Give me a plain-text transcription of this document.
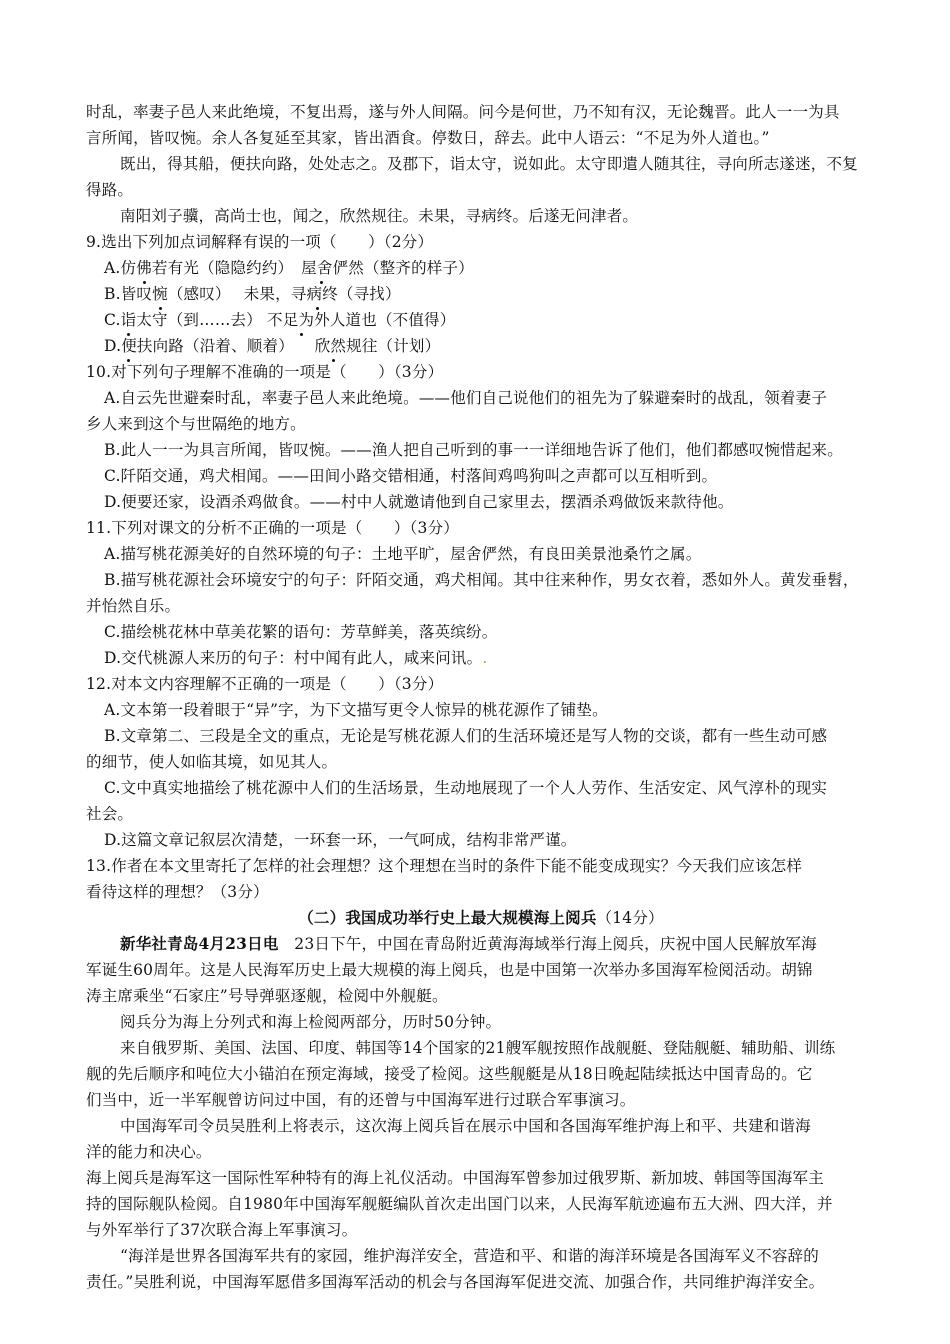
时乱，率妻子邑人来此绝境，不复出焉，遂与外人间隔。问今是何世，乃不知有汉，无论魏晋。此人一一为具
言所闻，皆叹惋。余人各复延至其家，皆出酒食。停数日，辞去。此中人语云：“不足为外人道也。”
既出，得其船，便扶向路，处处志之。及郡下，诣太守，说如此。太守即遣人随其往，寻向所志遂迷，不复
得路。
南阳刘子骥，高尚士也，闻之，欣然规往。未果，寻病终。后遂无问津者。
9.选出下列加点词解释有误的一项（　　）（2分）
A.仿佛若有光（隐隐约约）　屋舍俨然（整齐的样子）
B.皆叹惋（感叹）　 未果，寻病终（寻找）
C.诣太守（到……去） 不足为外人道也（不值得）
D.便扶向路（沿着、顺着） 　欣然规往（计划）
10.对下列句子理解不准确的一项是（　　）（3分）
A.自云先世避秦时乱，率妻子邑人来此绝境。——他们自己说他们的祖先为了躲避秦时的战乱，领着妻子
乡人来到这个与世隔绝的地方。
B.此人一一为具言所闻，皆叹惋。——渔人把自己听到的事一一详细地告诉了他们，他们都感叹惋惜起来。
C.阡陌交通，鸡犬相闻。——田间小路交错相通，村落间鸡鸣狗叫之声都可以互相听到。
D.便要还家，设酒杀鸡做食。——村中人就邀请他到自己家里去，摆酒杀鸡做饭来款待他。
11.下列对课文的分析不正确的一项是（　　）（3分）
A.描写桃花源美好的自然环境的句子：土地平旷，屋舍俨然，有良田美景池桑竹之属。
B.描写桃花源社会环境安宁的句子：阡陌交通，鸡犬相闻。其中往来种作，男女衣着，悉如外人。黄发垂髫，
并怡然自乐。
C.描绘桃花林中草美花繁的语句：芳草鲜美，落英缤纷。
D.交代桃源人来历的句子：村中闻有此人，咸来问讯。.
12.对本文内容理解不正确的一项是（　　）（3分）
A.文本第一段着眼于“异”字，为下文描写更令人惊异的桃花源作了铺垫。
B.文章第二、三段是全文的重点，无论是写桃花源人们的生活环境还是写人物的交谈，都有一些生动可感
的细节，使人如临其境，如见其人。
C.文中真实地描绘了桃花源中人们的生活场景，生动地展现了一个人人劳作、生活安定、风气淳朴的现实
社会。
D.这篇文章记叙层次清楚，一环套一环，一气呵成，结构非常严谨。
13.作者在本文里寄托了怎样的社会理想？这个理想在当时的条件下能不能变成现实？今天我们应该怎样
看待这样的理想？（3分）
（二）我国成功举行史上最大规模海上阅兵（14分）
新华社青岛4月23日电　23日下午，中国在青岛附近黄海海域举行海上阅兵，庆祝中国人民解放军海
军诞生60周年。这是人民海军历史上最大规模的海上阅兵，也是中国第一次举办多国海军检阅活动。胡锦
涛主席乘坐“石家庄”号导弹驱逐舰，检阅中外舰艇。
阅兵分为海上分列式和海上检阅两部分，历时50分钟。
来自俄罗斯、美国、法国、印度、韩国等14个国家的21艘军舰按照作战舰艇、登陆舰艇、辅助船、训练
舰的先后顺序和吨位大小锚泊在预定海域，接受了检阅。这些舰艇是从18日晚起陆续抵达中国青岛的。它
们当中，近一半军舰曾访问过中国，有的还曾与中国海军进行过联合军事演习。
中国海军司令员吴胜利上将表示，这次海上阅兵旨在展示中国和各国海军维护海上和平、共建和谐海
洋的能力和决心。
海上阅兵是海军这一国际性军种特有的海上礼仪活动。中国海军曾参加过俄罗斯、新加坡、韩国等国海军主
持的国际舰队检阅。自1980年中国海军舰艇编队首次走出国门以来，人民海军航迹遍布五大洲、四大洋，并
与外军举行了37次联合海上军事演习。
“海洋是世界各国海军共有的家园，维护海洋安全，营造和平、和谐的海洋环境是各国海军义不容辞的
责任。”吴胜利说，中国海军愿借多国海军活动的机会与各国海军促进交流、加强合作，共同维护海洋安全。
